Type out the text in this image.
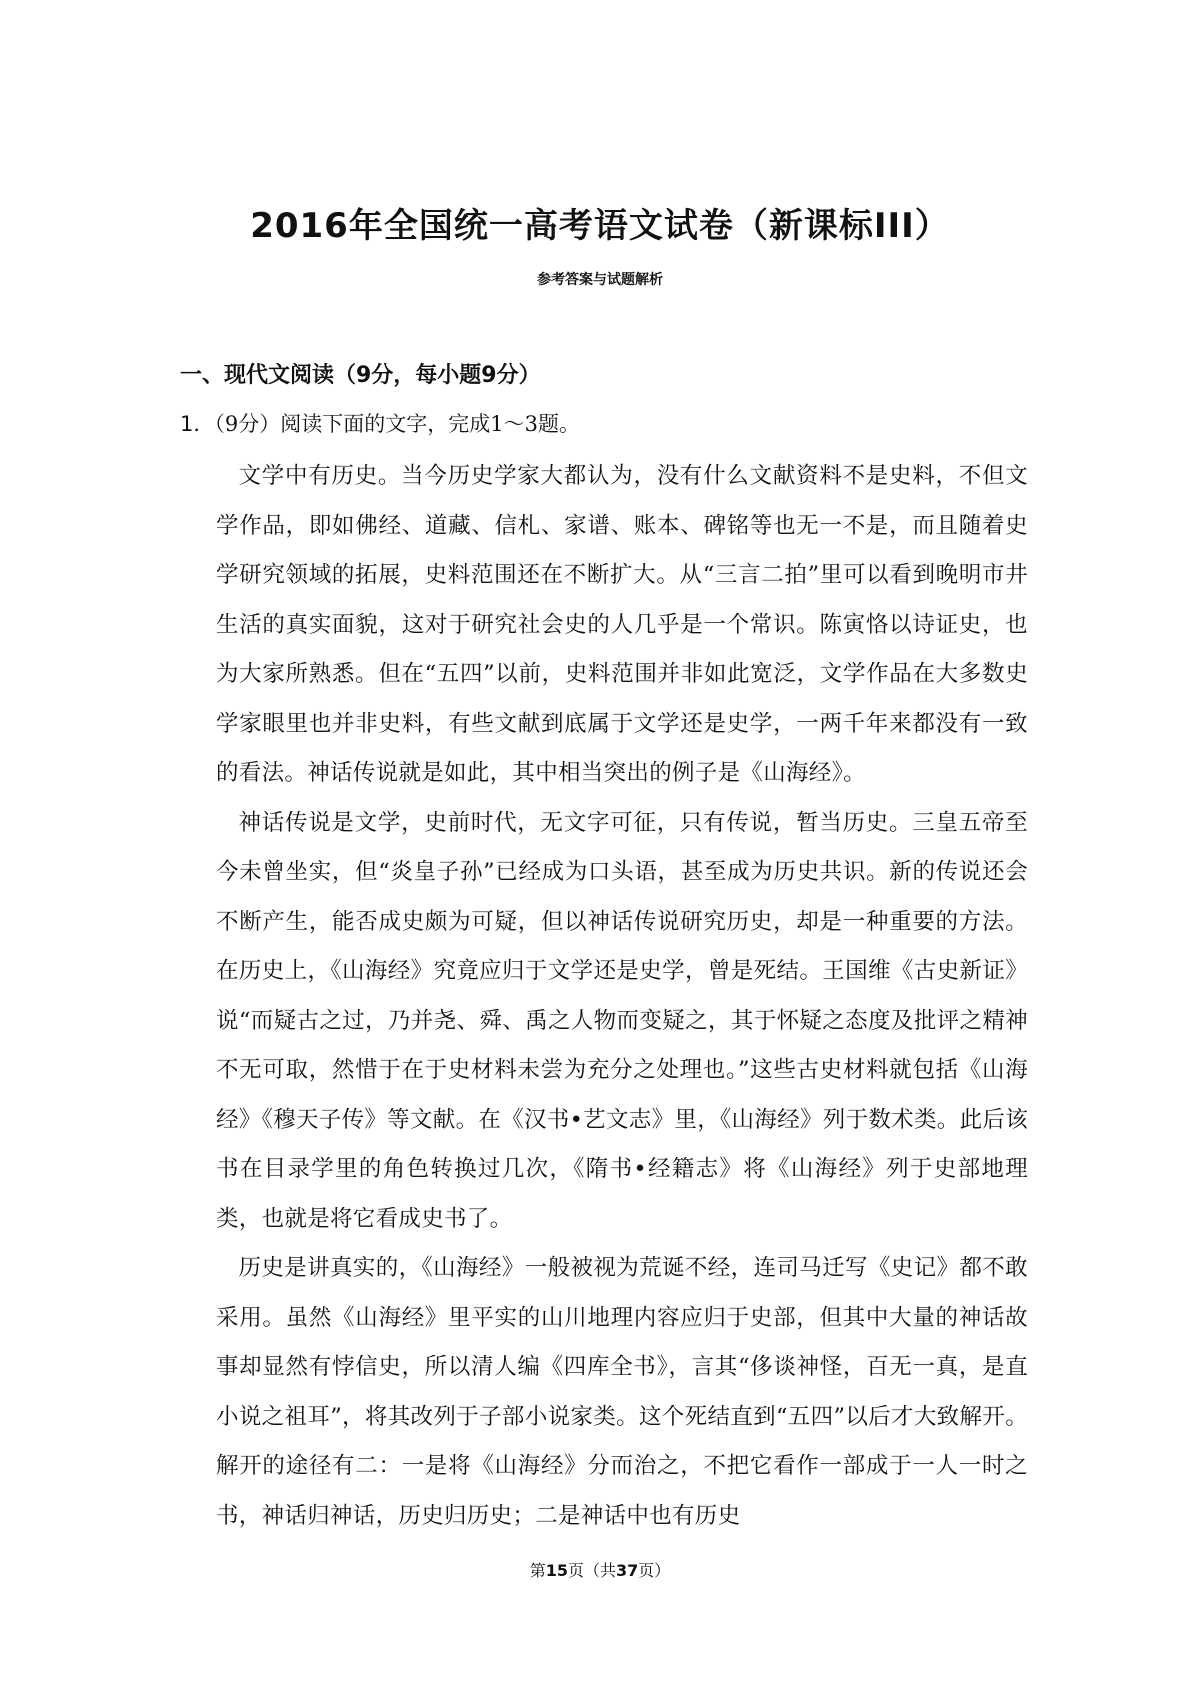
2016年全国统一高考语文试卷（新课标III）
参考答案与试题解析
一、现代文阅读（9分，每小题9分）
1．（9分）阅读下面的文字，完成1～3题。

文学中有历史。当今历史学家大都认为，没有什么文献资料不是史料，不但文学作品，即如佛经、道藏、信札、家谱、账本、碑铭等也无一不是，而且随着史学研究领域的拓展，史料范围还在不断扩大。从“三言二拍”里可以看到晚明市井生活的真实面貌，这对于研究社会史的人几乎是一个常识。陈寅恪以诗证史，也为大家所熟悉。但在“五四”以前，史料范围并非如此宽泛，文学作品在大多数史学家眼里也并非史料，有些文献到底属于文学还是史学，一两千年来都没有一致的看法。神话传说就是如此，其中相当突出的例子是《山海经》。

神话传说是文学，史前时代，无文字可征，只有传说，暂当历史。三皇五帝至今未曾坐实，但“炎皇子孙”已经成为口头语，甚至成为历史共识。新的传说还会不断产生，能否成史颇为可疑，但以神话传说研究历史，却是一种重要的方法。在历史上，《山海经》究竟应归于文学还是史学，曾是死结。王国维《古史新证》说“而疑古之过，乃并尧、舜、禹之人物而变疑之，其于怀疑之态度及批评之精神不无可取，然惜于在于史材料未尝为充分之处理也。”这些古史材料就包括《山海经》《穆天子传》等文献。在《汉书•艺文志》里，《山海经》列于数术类。此后该书在目录学里的角色转换过几次，《隋书•经籍志》将《山海经》列于史部地理类，也就是将它看成史书了。

历史是讲真实的，《山海经》一般被视为荒诞不经，连司马迁写《史记》都不敢采用。虽然《山海经》里平实的山川地理内容应归于史部，但其中大量的神话故事却显然有悖信史，所以清人编《四库全书》，言其“侈谈神怪，百无一真，是直小说之祖耳”，将其改列于子部小说家类。这个死结直到“五四”以后才大致解开。解开的途径有二：一是将《山海经》分而治之，不把它看作一部成于一人一时之书，神话归神话，历史归历史；二是神话中也有历史

第15页（共37页）
